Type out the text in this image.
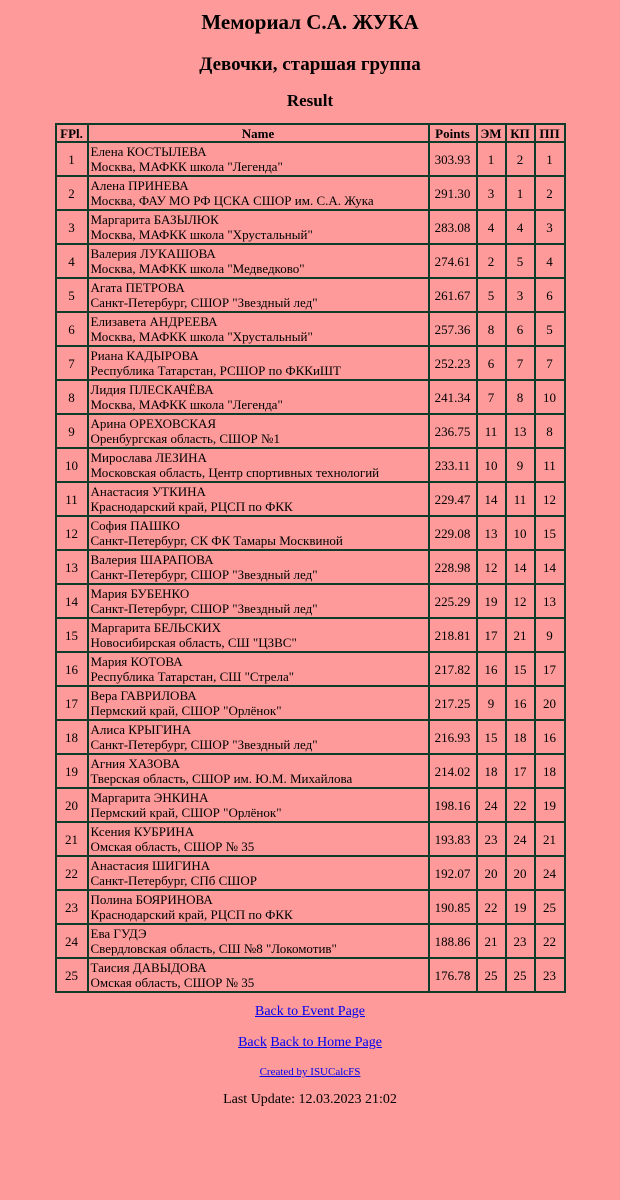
Мемориал С.А. ЖУКА
Девочки, старшая группа
Result
FPl.	Name	Points	ЭМ	КП	ПП
1	Елена КОСТЫЛЕВА
Москва, МАФКК школа "Легенда"	303.93	1	2	1
2	Алена ПРИНЕВА
Москва, ФАУ МО РФ ЦСКА СШОР им. С.А. Жука	291.30	3	1	2
3	Маргарита БАЗЫЛЮК
Москва, МАФКК школа "Хрустальный"	283.08	4	4	3
4	Валерия ЛУКАШОВА
Москва, МАФКК школа "Медведково"	274.61	2	5	4
5	Агата ПЕТРОВА
Санкт-Петербург, СШОР "Звездный лед"	261.67	5	3	6
6	Елизавета АНДРЕЕВА
Москва, МАФКК школа "Хрустальный"	257.36	8	6	5
7	Риана КАДЫРОВА
Республика Татарстан, РСШОР по ФККиШТ	252.23	6	7	7
8	Лидия ПЛЕСКАЧЁВА
Москва, МАФКК школа "Легенда"	241.34	7	8	10
9	Арина ОРЕХОВСКАЯ
Оренбургская область, СШОР №1	236.75	11	13	8
10	Мирослава ЛЕЗИНА
Московская область, Центр спортивных технологий	233.11	10	9	11
11	Анастасия УТКИНА
Краснодарский край, РЦСП по ФКК	229.47	14	11	12
12	София ПАШКО
Санкт-Петербург, СК ФК Тамары Москвиной	229.08	13	10	15
13	Валерия ШАРАПОВА
Санкт-Петербург, СШОР "Звездный лед"	228.98	12	14	14
14	Мария БУБЕНКО
Санкт-Петербург, СШОР "Звездный лед"	225.29	19	12	13
15	Маргарита БЕЛЬСКИХ
Новосибирская область, СШ "ЦЗВС"	218.81	17	21	9
16	Мария КОТОВА
Республика Татарстан, СШ "Стрела"	217.82	16	15	17
17	Вера ГАВРИЛОВА
Пермский край, СШОР "Орлёнок"	217.25	9	16	20
18	Алиса КРЫГИНА
Санкт-Петербург, СШОР "Звездный лед"	216.93	15	18	16
19	Агния ХАЗОВА
Тверская область, СШОР им. Ю.М. Михайлова	214.02	18	17	18
20	Маргарита ЭНКИНА
Пермский край, СШОР "Орлёнок"	198.16	24	22	19
21	Ксения КУБРИНА
Омская область, СШОР № 35	193.83	23	24	21
22	Анастасия ШИГИНА
Санкт-Петербург, СПб СШОР	192.07	20	20	24
23	Полина БОЯРИНОВА
Краснодарский край, РЦСП по ФКК	190.85	22	19	25
24	Ева ГУДЭ
Свердловская область, СШ №8 "Локомотив"	188.86	21	23	22
25	Таисия ДАВЫДОВА
Омская область, СШОР № 35	176.78	25	25	23
Back to Event Page
Back Back to Home Page
Created by ISUCalcFS
Last Update: 12.03.2023 21:02
